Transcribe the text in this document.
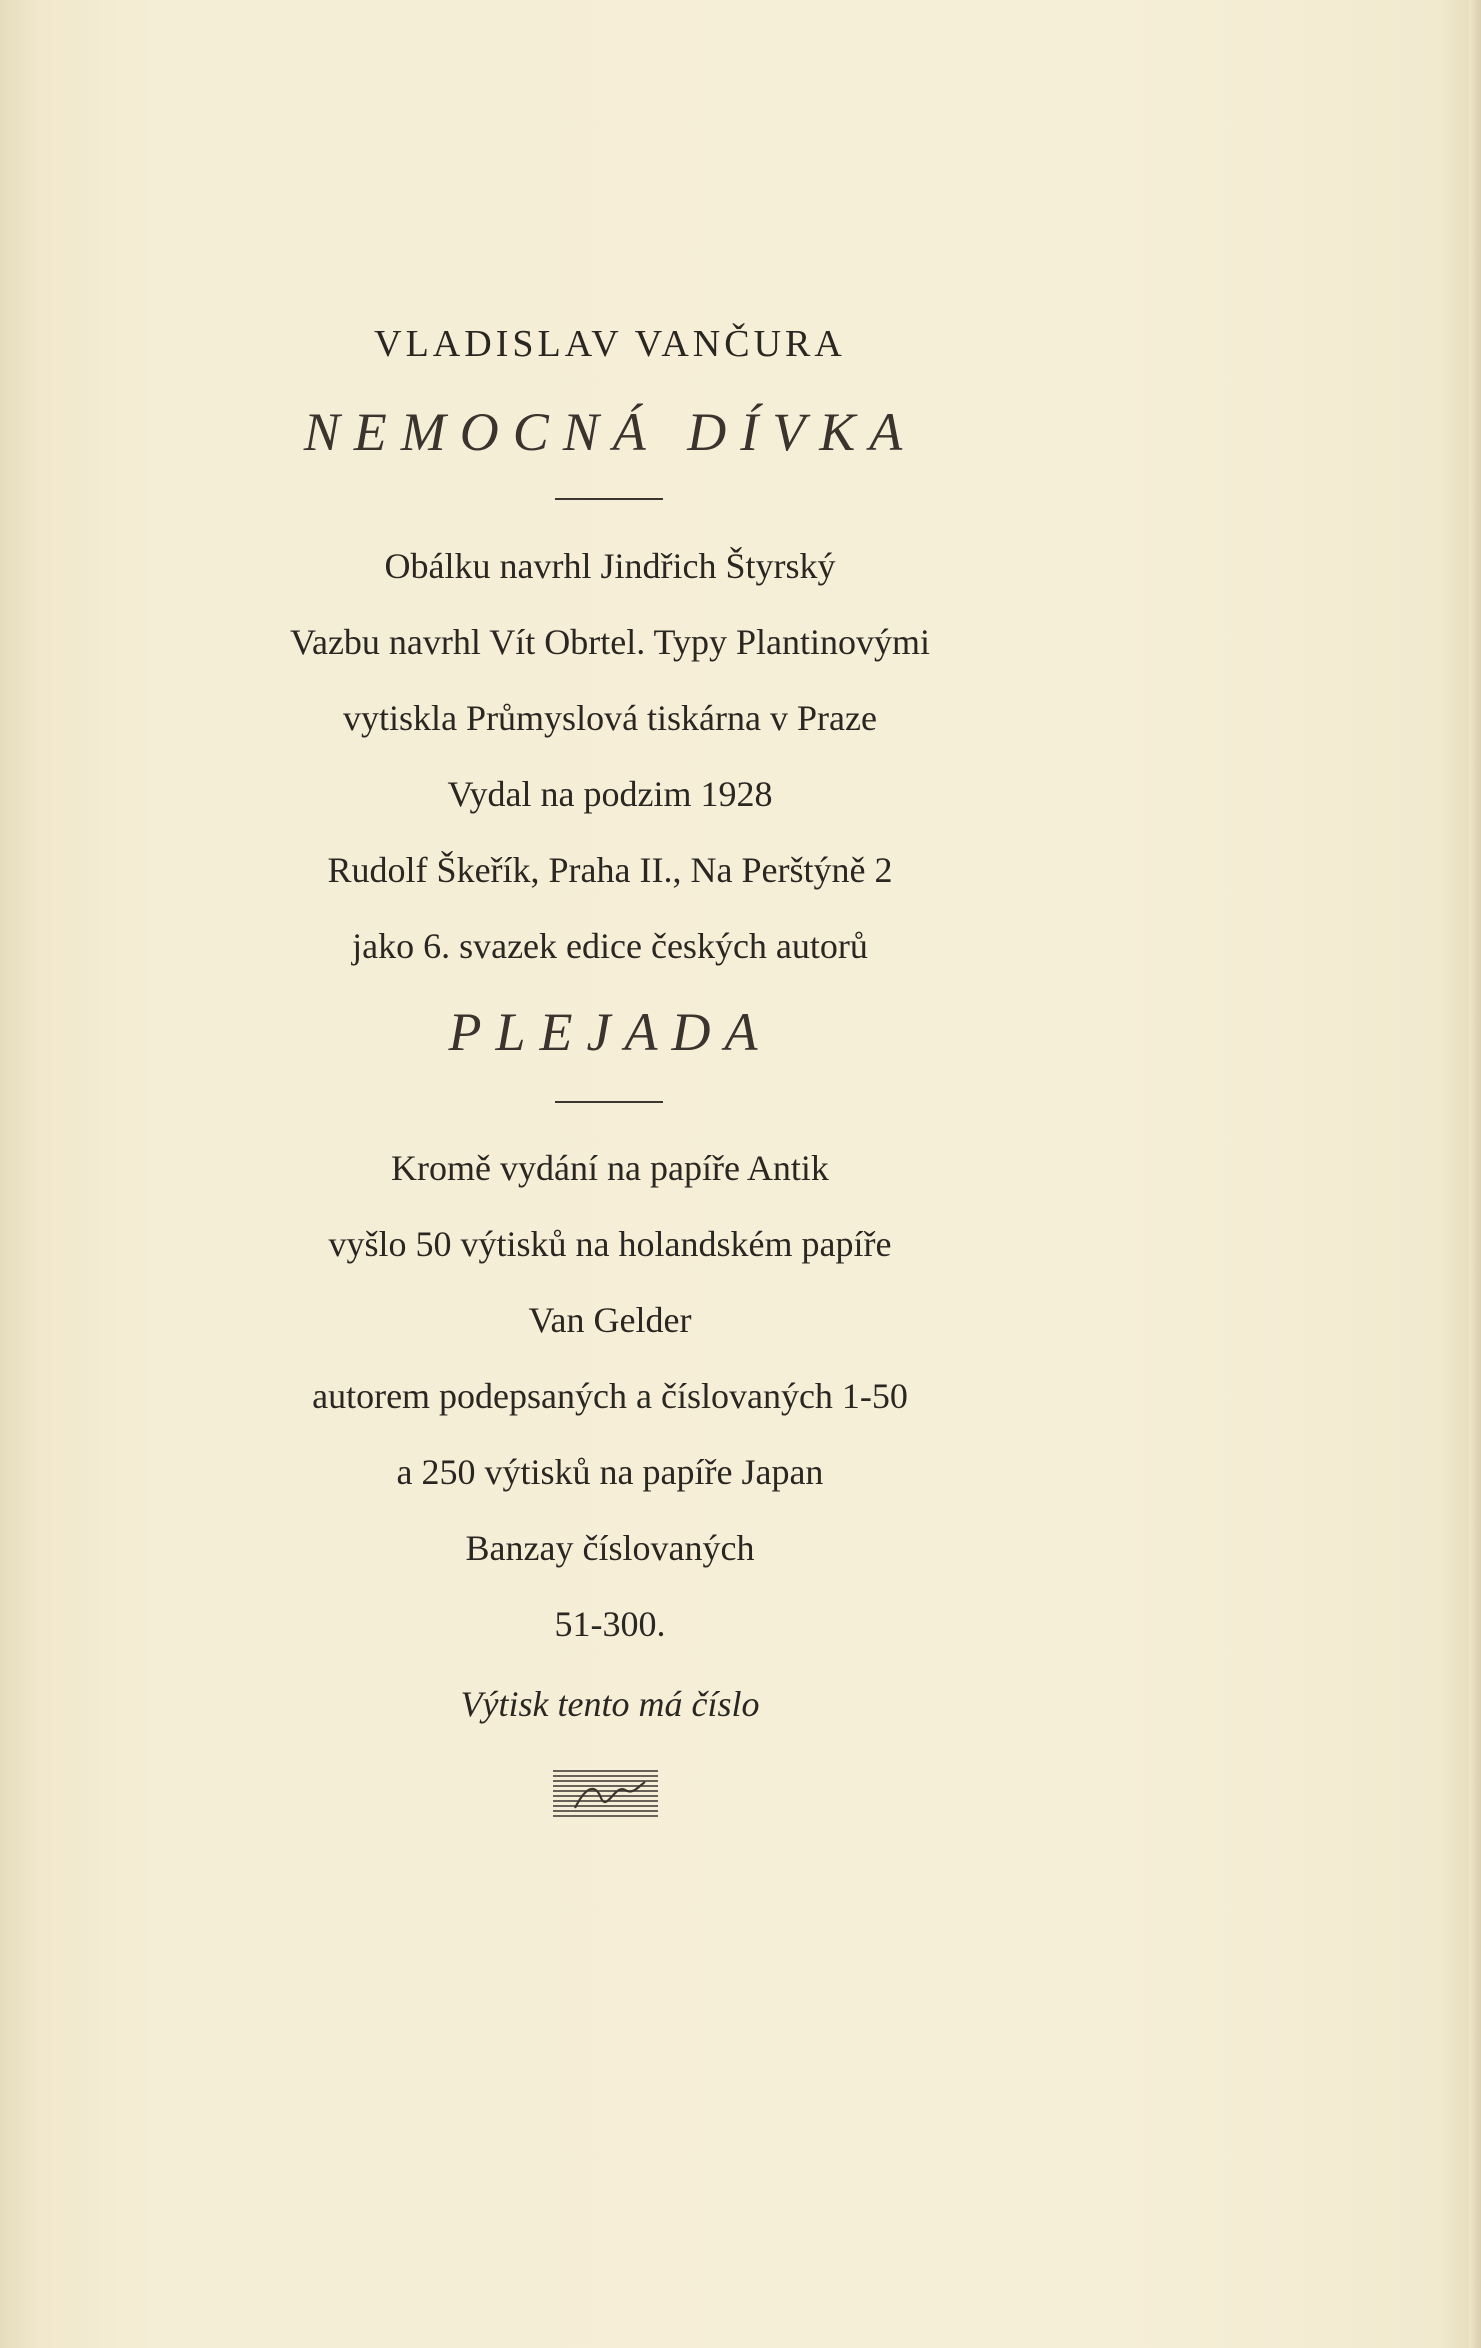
VLADISLAV VANČURA
NEMOCNÁ DÍVKA
Obálku navrhl Jindřich Štyrský
Vazbu navrhl Vít Obrtel. Typy Plantinovými
vytiskla Průmyslová tiskárna v Praze
Vydal na podzim 1928
Rudolf Škeřík, Praha II., Na Perštýně 2
jako 6. svazek edice českých autorů
PLEJADA
Kromě vydání na papíře Antik
vyšlo 50 výtisků na holandském papíře
Van Gelder
autorem podepsaných a číslovaných 1-50
a 250 výtisků na papíře Japan
Banzay číslovaných
51-300.
Výtisk tento má číslo
